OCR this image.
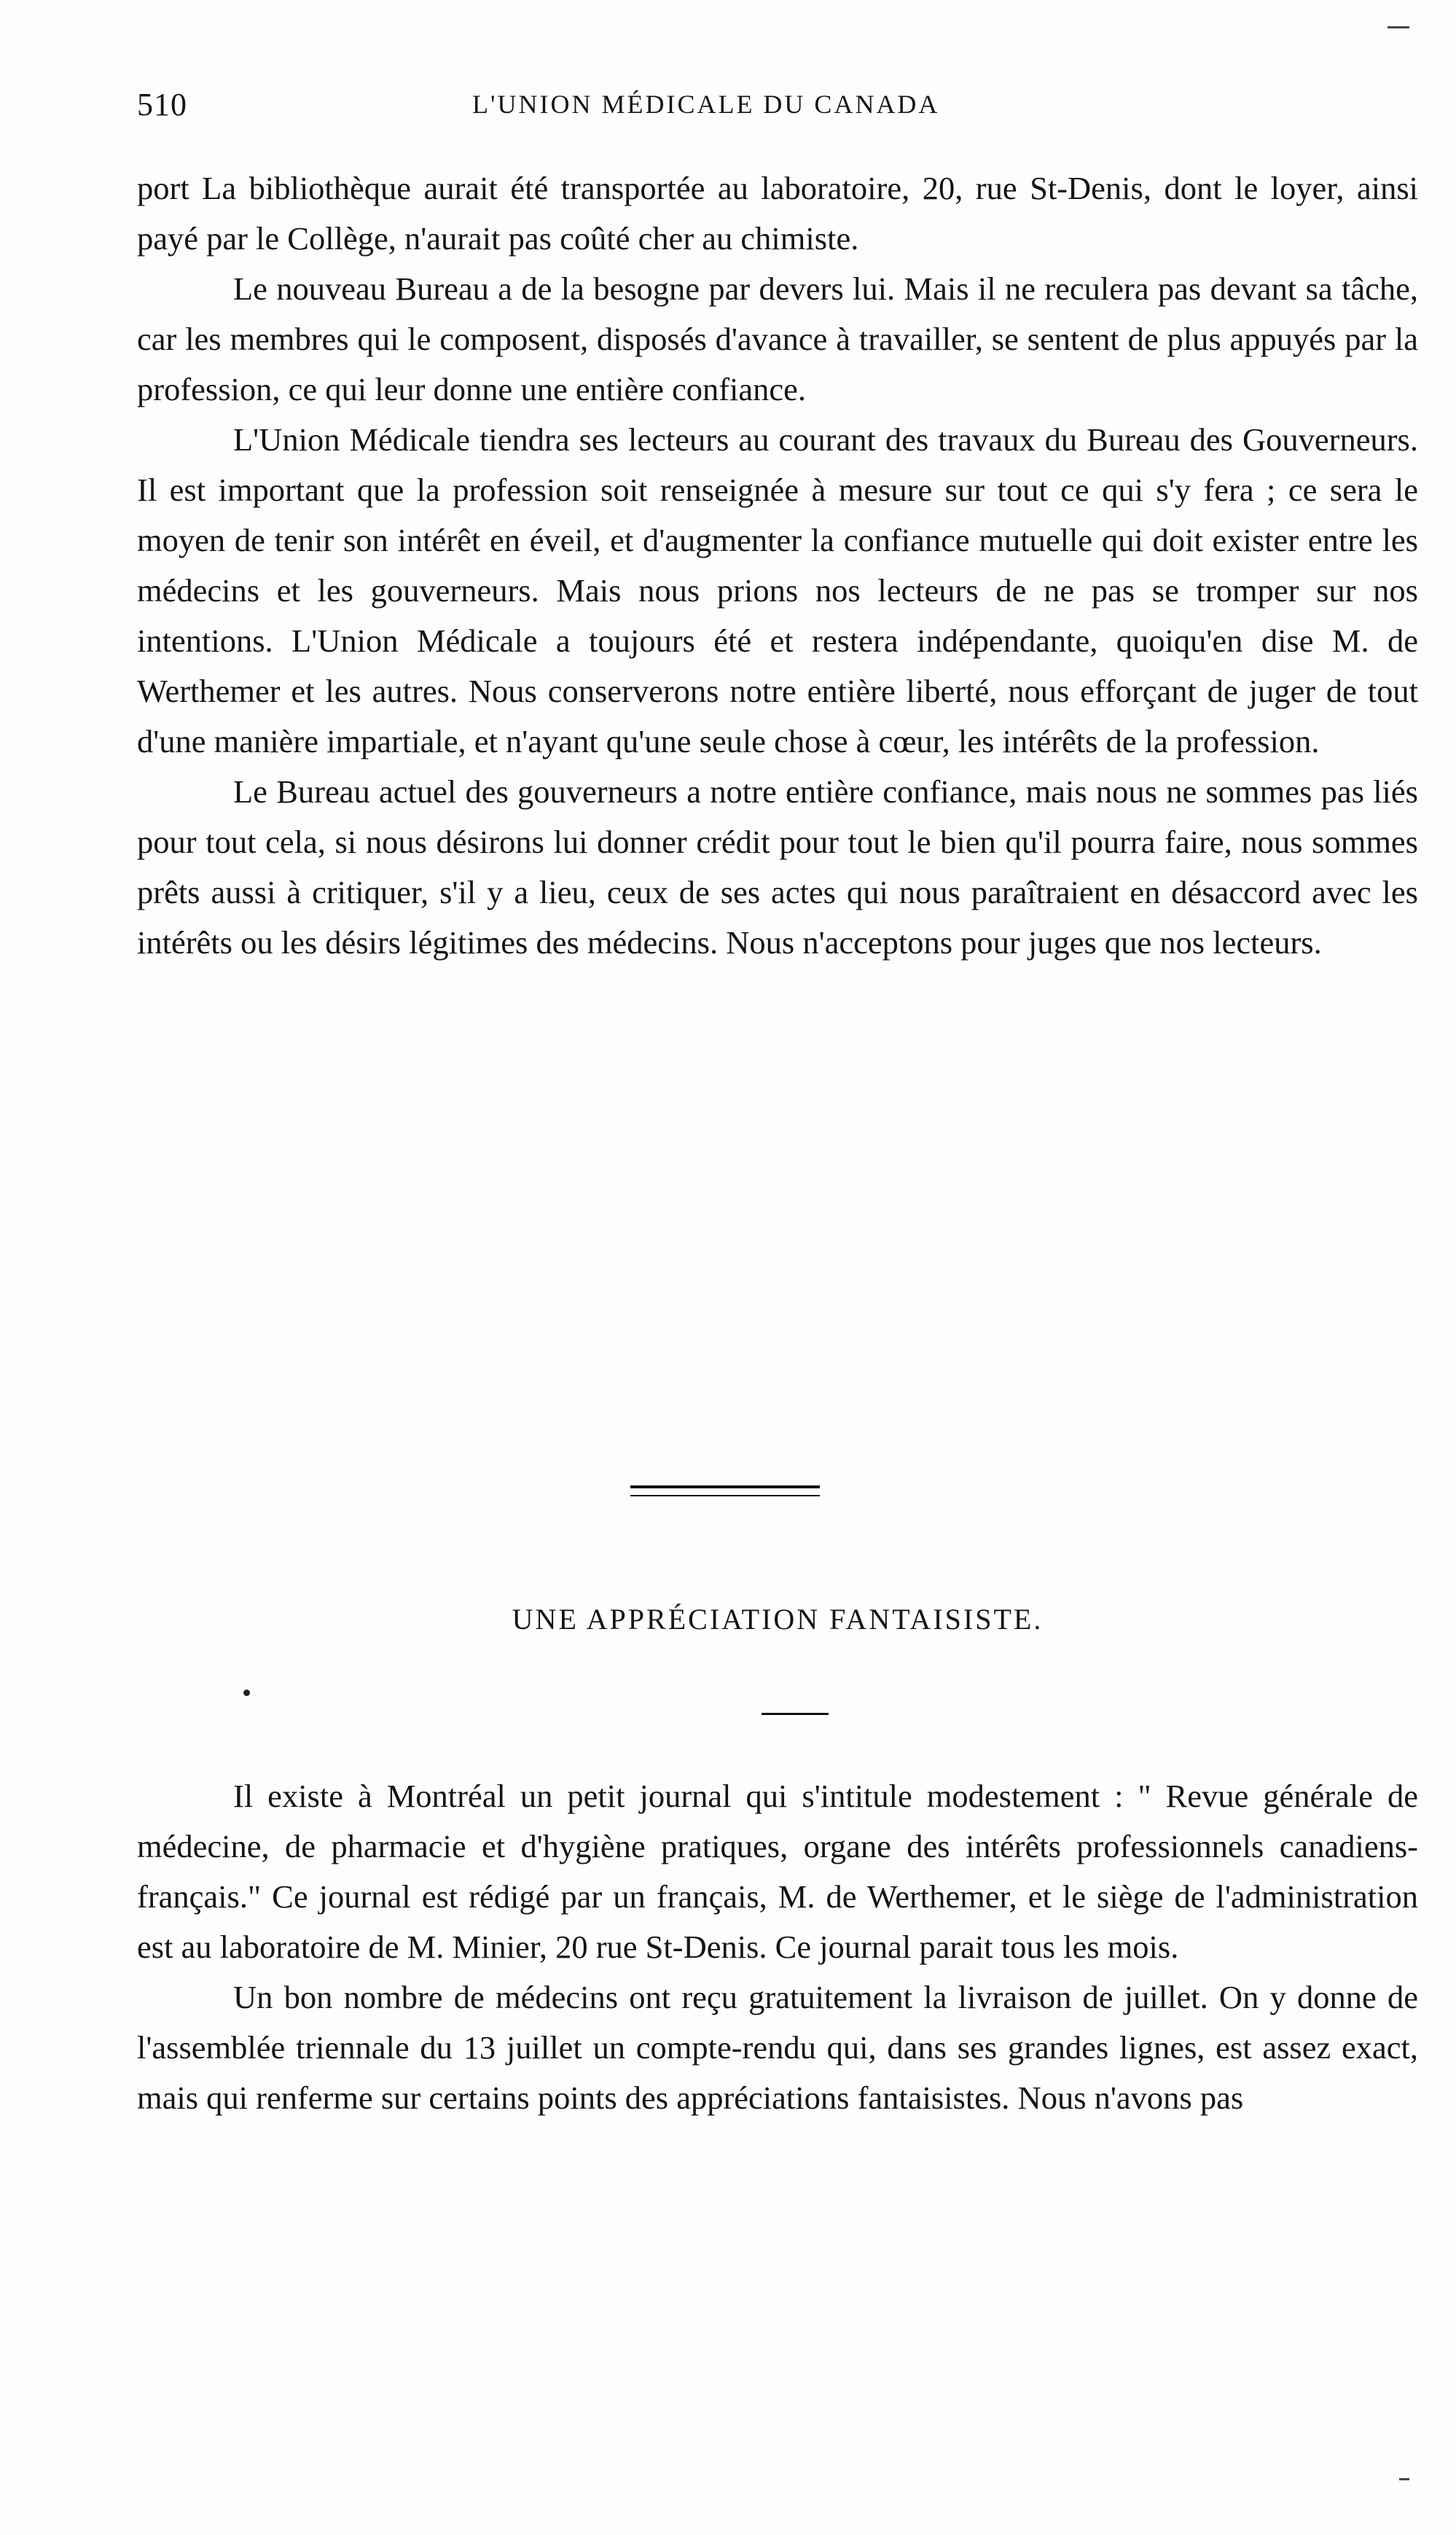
510	L'UNION MÉDICALE DU CANADA

port La bibliothèque aurait été transportée au laboratoire, 20, rue St-Denis, dont le loyer, ainsi payé par le Collège, n'aurait pas coûté cher au chimiste.

Le nouveau Bureau a de la besogne par devers lui. Mais il ne reculera pas devant sa tâche, car les membres qui le composent, disposés d'avance à travailler, se sentent de plus appuyés par la profession, ce qui leur donne une entière confiance.

L'Union Médicale tiendra ses lecteurs au courant des travaux du Bureau des Gouverneurs. Il est important que la profession soit renseignée à mesure sur tout ce qui s'y fera ; ce sera le moyen de tenir son intérêt en éveil, et d'augmenter la confiance mutuelle qui doit exister entre les médecins et les gouverneurs. Mais nous prions nos lecteurs de ne pas se tromper sur nos intentions. L'Union Médicale a toujours été et restera indépendante, quoiqu'en dise M. de Werthemer et les autres. Nous conserverons notre entière liberté, nous efforçant de juger de tout d'une manière impartiale, et n'ayant qu'une seule chose à cœur, les intérêts de la profession.

Le Bureau actuel des gouverneurs a notre entière confiance, mais nous ne sommes pas liés pour tout cela, si nous désirons lui donner crédit pour tout le bien qu'il pourra faire, nous sommes prêts aussi à critiquer, s'il y a lieu, ceux de ses actes qui nous paraîtraient en désaccord avec les intérêts ou les désirs légitimes des médecins. Nous n'acceptons pour juges que nos lecteurs.

UNE APPRÉCIATION FANTAISISTE.

Il existe à Montréal un petit journal qui s'intitule modestement : " Revue générale de médecine, de pharmacie et d'hygiène pratiques, organe des intérêts professionnels canadiens-français." Ce journal est rédigé par un français, M. de Werthemer, et le siège de l'administration est au laboratoire de M. Minier, 20 rue St-Denis. Ce journal parait tous les mois.

Un bon nombre de médecins ont reçu gratuitement la livraison de juillet. On y donne de l'assemblée triennale du 13 juillet un compte-rendu qui, dans ses grandes lignes, est assez exact, mais qui renferme sur certains points des appréciations fantaisistes. Nous n'avons pas
